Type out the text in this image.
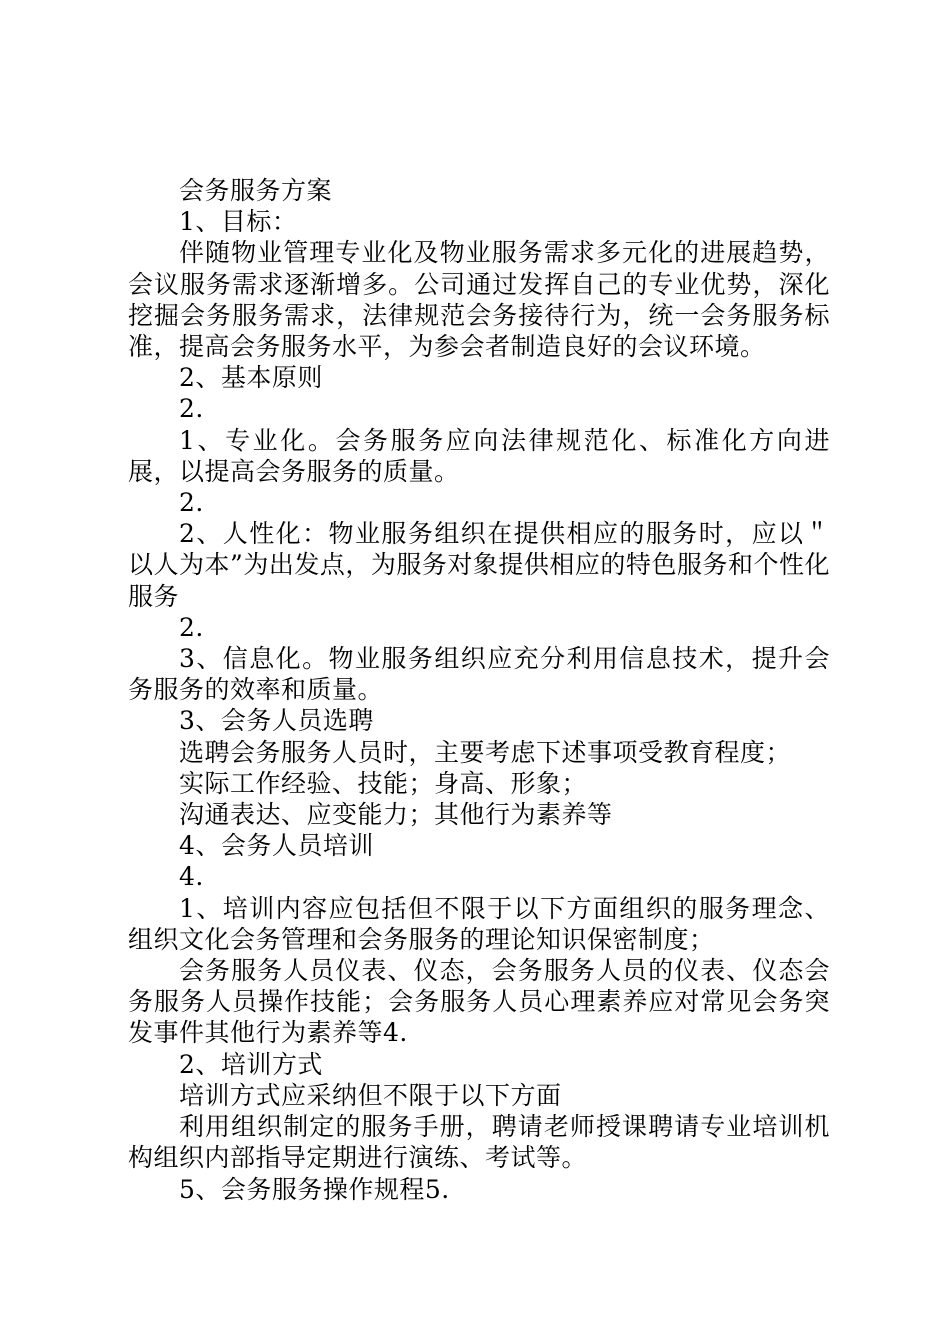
会务服务方案

1、目标：

伴随物业管理专业化及物业服务需求多元化的进展趋势，会议服务需求逐渐增多。公司通过发挥自己的专业优势，深化挖掘会务服务需求，法律规范会务接待行为，统一会务服务标准，提高会务服务水平，为参会者制造良好的会议环境。

2、基本原则

2.

1、专业化。会务服务应向法律规范化、标准化方向进展，以提高会务服务的质量。

2.

2、人性化：物业服务组织在提供相应的服务时，应以＂以人为本”为出发点，为服务对象提供相应的特色服务和个性化服务

2.

3、信息化。物业服务组织应充分利用信息技术，提升会务服务的效率和质量。

3、会务人员选聘

选聘会务服务人员时，主要考虑下述事项受教育程度；

实际工作经验、技能；身高、形象；

沟通表达、应变能力；其他行为素养等

4、会务人员培训

4.

1、培训内容应包括但不限于以下方面组织的服务理念、组织文化会务管理和会务服务的理论知识保密制度；

会务服务人员仪表、仪态，会务服务人员的仪表、仪态会务服务人员操作技能；会务服务人员心理素养应对常见会务突发事件其他行为素养等4.

2、培训方式

培训方式应采纳但不限于以下方面

利用组织制定的服务手册，聘请老师授课聘请专业培训机构组织内部指导定期进行演练、考试等。

5、会务服务操作规程5.
